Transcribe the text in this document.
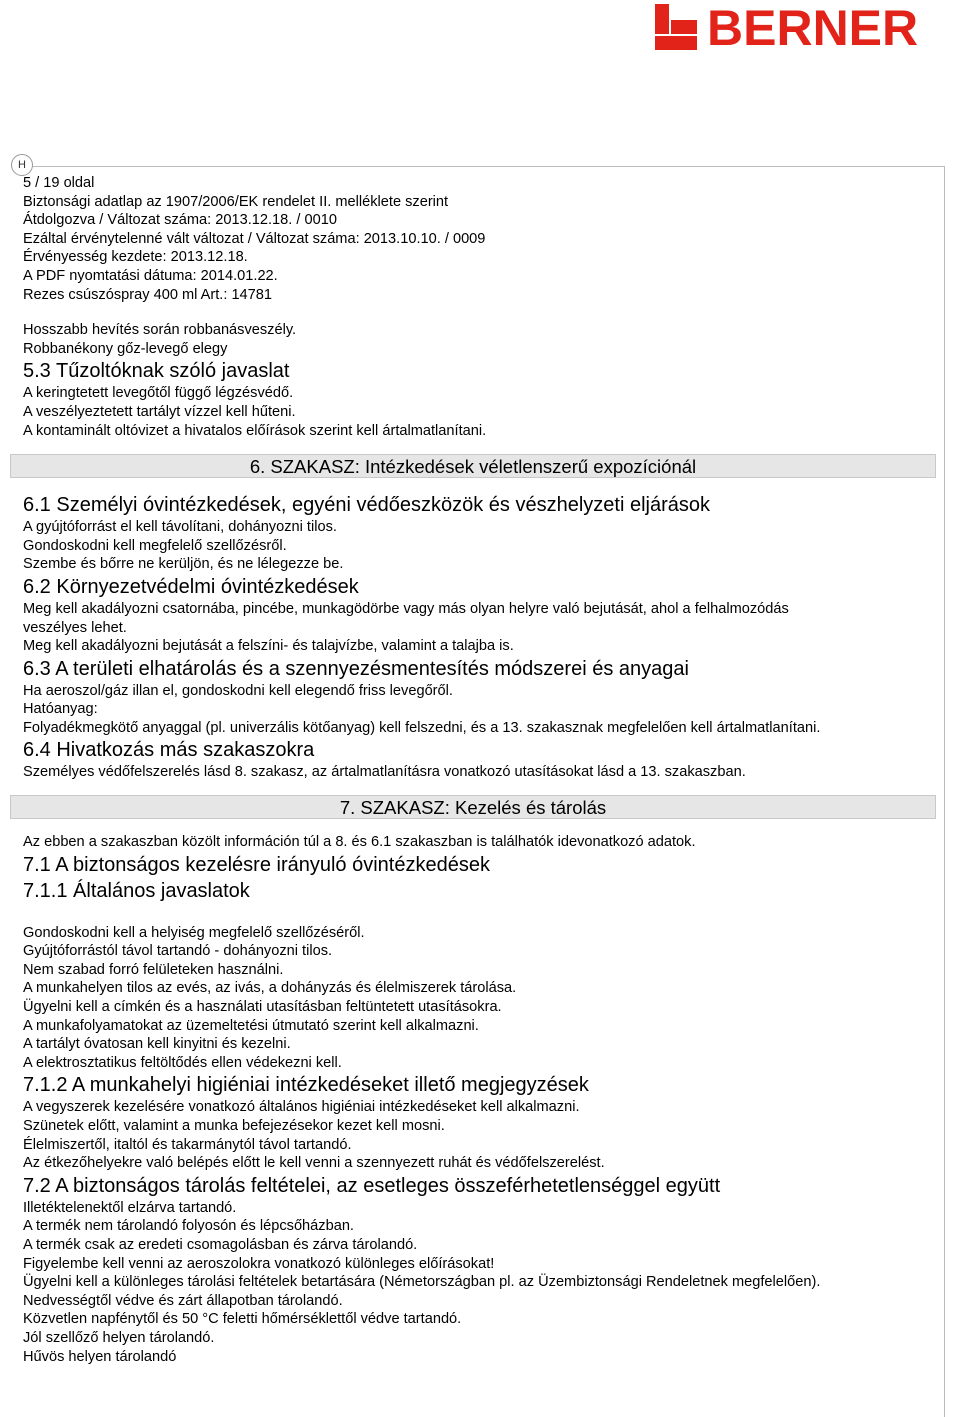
BERNER
H
5 / 19 oldal
Biztonsági adatlap az 1907/2006/EK rendelet II. melléklete szerint
Átdolgozva / Változat száma: 2013.12.18. / 0010
Ezáltal érvénytelenné vált változat / Változat száma: 2013.10.10. / 0009
Érvényesség kezdete: 2013.12.18.
A PDF nyomtatási dátuma: 2014.01.22.
Rezes csúszóspray 400 ml Art.: 14781
Hosszabb hevítés során robbanásveszély.
Robbanékony gőz-levegő elegy
5.3 Tűzoltóknak szóló javaslat
A keringtetett levegőtől függő légzésvédő.
A veszélyeztetett tartályt vízzel kell hűteni.
A kontaminált oltóvizet a hivatalos előírások szerint kell ártalmatlanítani.
6. SZAKASZ: Intézkedések véletlenszerű expozíciónál
6.1 Személyi óvintézkedések, egyéni védőeszközök és vészhelyzeti eljárások
A gyújtóforrást el kell távolítani, dohányozni tilos.
Gondoskodni kell megfelelő szellőzésről.
Szembe és bőrre ne kerüljön, és ne lélegezze be.
6.2 Környezetvédelmi óvintézkedések
Meg kell akadályozni csatornába, pincébe, munkagödörbe vagy más olyan helyre való bejutását, ahol a felhalmozódás
veszélyes lehet.
Meg kell akadályozni bejutását a felszíni- és talajvízbe, valamint a talajba is.
6.3 A területi elhatárolás és a szennyezésmentesítés módszerei és anyagai
Ha aeroszol/gáz illan el, gondoskodni kell elegendő friss levegőről.
Hatóanyag:
Folyadékmegkötő anyaggal (pl. univerzális kötőanyag) kell felszedni, és a 13. szakasznak megfelelően kell ártalmatlanítani.
6.4 Hivatkozás más szakaszokra
Személyes védőfelszerelés lásd 8. szakasz, az ártalmatlanításra vonatkozó utasításokat lásd a 13. szakaszban.
7. SZAKASZ: Kezelés és tárolás
Az ebben a szakaszban közölt információn túl a 8. és 6.1 szakaszban is találhatók idevonatkozó adatok.
7.1 A biztonságos kezelésre irányuló óvintézkedések
7.1.1 Általános javaslatok
Gondoskodni kell a helyiség megfelelő szellőzéséről.
Gyújtóforrástól távol tartandó - dohányozni tilos.
Nem szabad forró felületeken használni.
A munkahelyen tilos az evés, az ivás, a dohányzás és élelmiszerek tárolása.
Ügyelni kell a címkén és a használati utasításban feltüntetett utasításokra.
A munkafolyamatokat az üzemeltetési útmutató szerint kell alkalmazni.
A tartályt óvatosan kell kinyitni és kezelni.
A elektrosztatikus feltöltődés ellen védekezni kell.
7.1.2 A munkahelyi higiéniai intézkedéseket illető megjegyzések
A vegyszerek kezelésére vonatkozó általános higiéniai intézkedéseket kell alkalmazni.
Szünetek előtt, valamint a munka befejezésekor kezet kell mosni.
Élelmiszertől, italtól és takarmánytól távol tartandó.
Az étkezőhelyekre való belépés előtt le kell venni a szennyezett ruhát és védőfelszerelést.
7.2 A biztonságos tárolás feltételei, az esetleges összeférhetetlenséggel együtt
Illetéktelenektől elzárva tartandó.
A termék nem tárolandó folyosón és lépcsőházban.
A termék csak az eredeti csomagolásban és zárva tárolandó.
Figyelembe kell venni az aeroszolokra vonatkozó különleges előírásokat!
Ügyelni kell a különleges tárolási feltételek betartására (Németországban pl. az Üzembiztonsági Rendeletnek megfelelően).
Nedvességtől védve és zárt állapotban tárolandó.
Közvetlen napfénytől és 50 °C feletti hőmérséklettől védve tartandó.
Jól szellőző helyen tárolandó.
Hűvös helyen tárolandó
